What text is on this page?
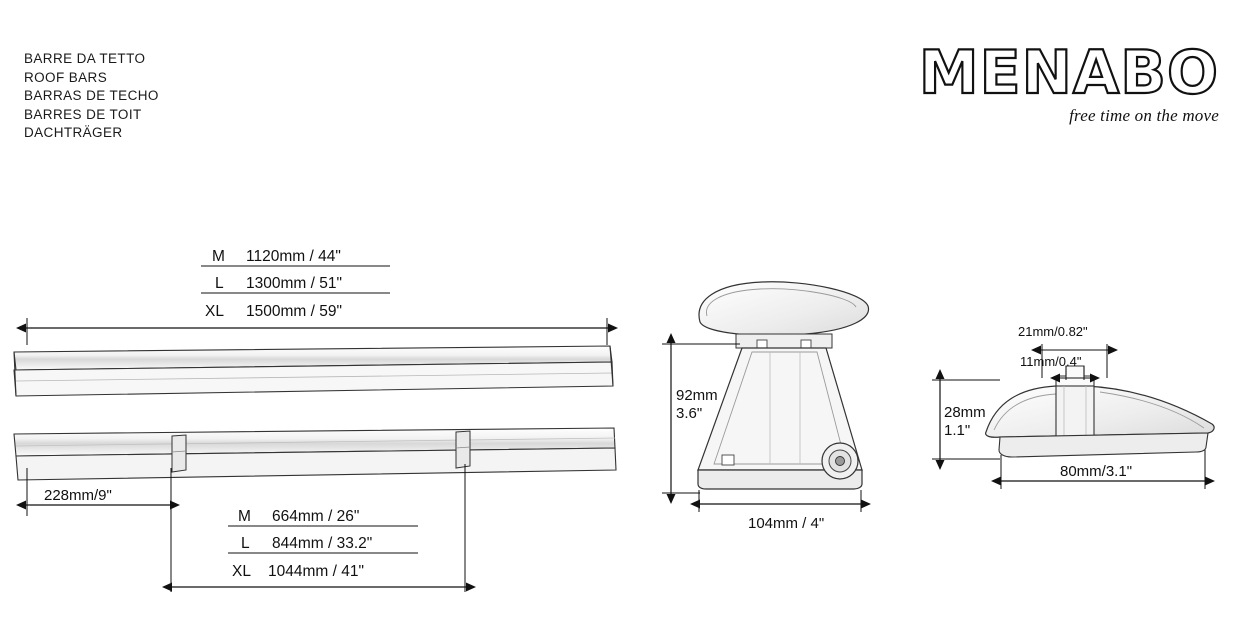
BARRE DA TETTO
ROOF BARS
BARRAS DE TECHO
BARRES DE TOIT
DACHTRÄGER
MENABO
free time on the move
M 1120mm / 44"
L 1300mm / 51"
XL 1500mm / 59"
228mm/9"
M 664mm / 26"
L 844mm / 33.2"
XL 1044mm / 41"
92mm
3.6"
104mm / 4"
21mm/0.82"
11mm/0.4"
28mm
1.1"
80mm/3.1"
